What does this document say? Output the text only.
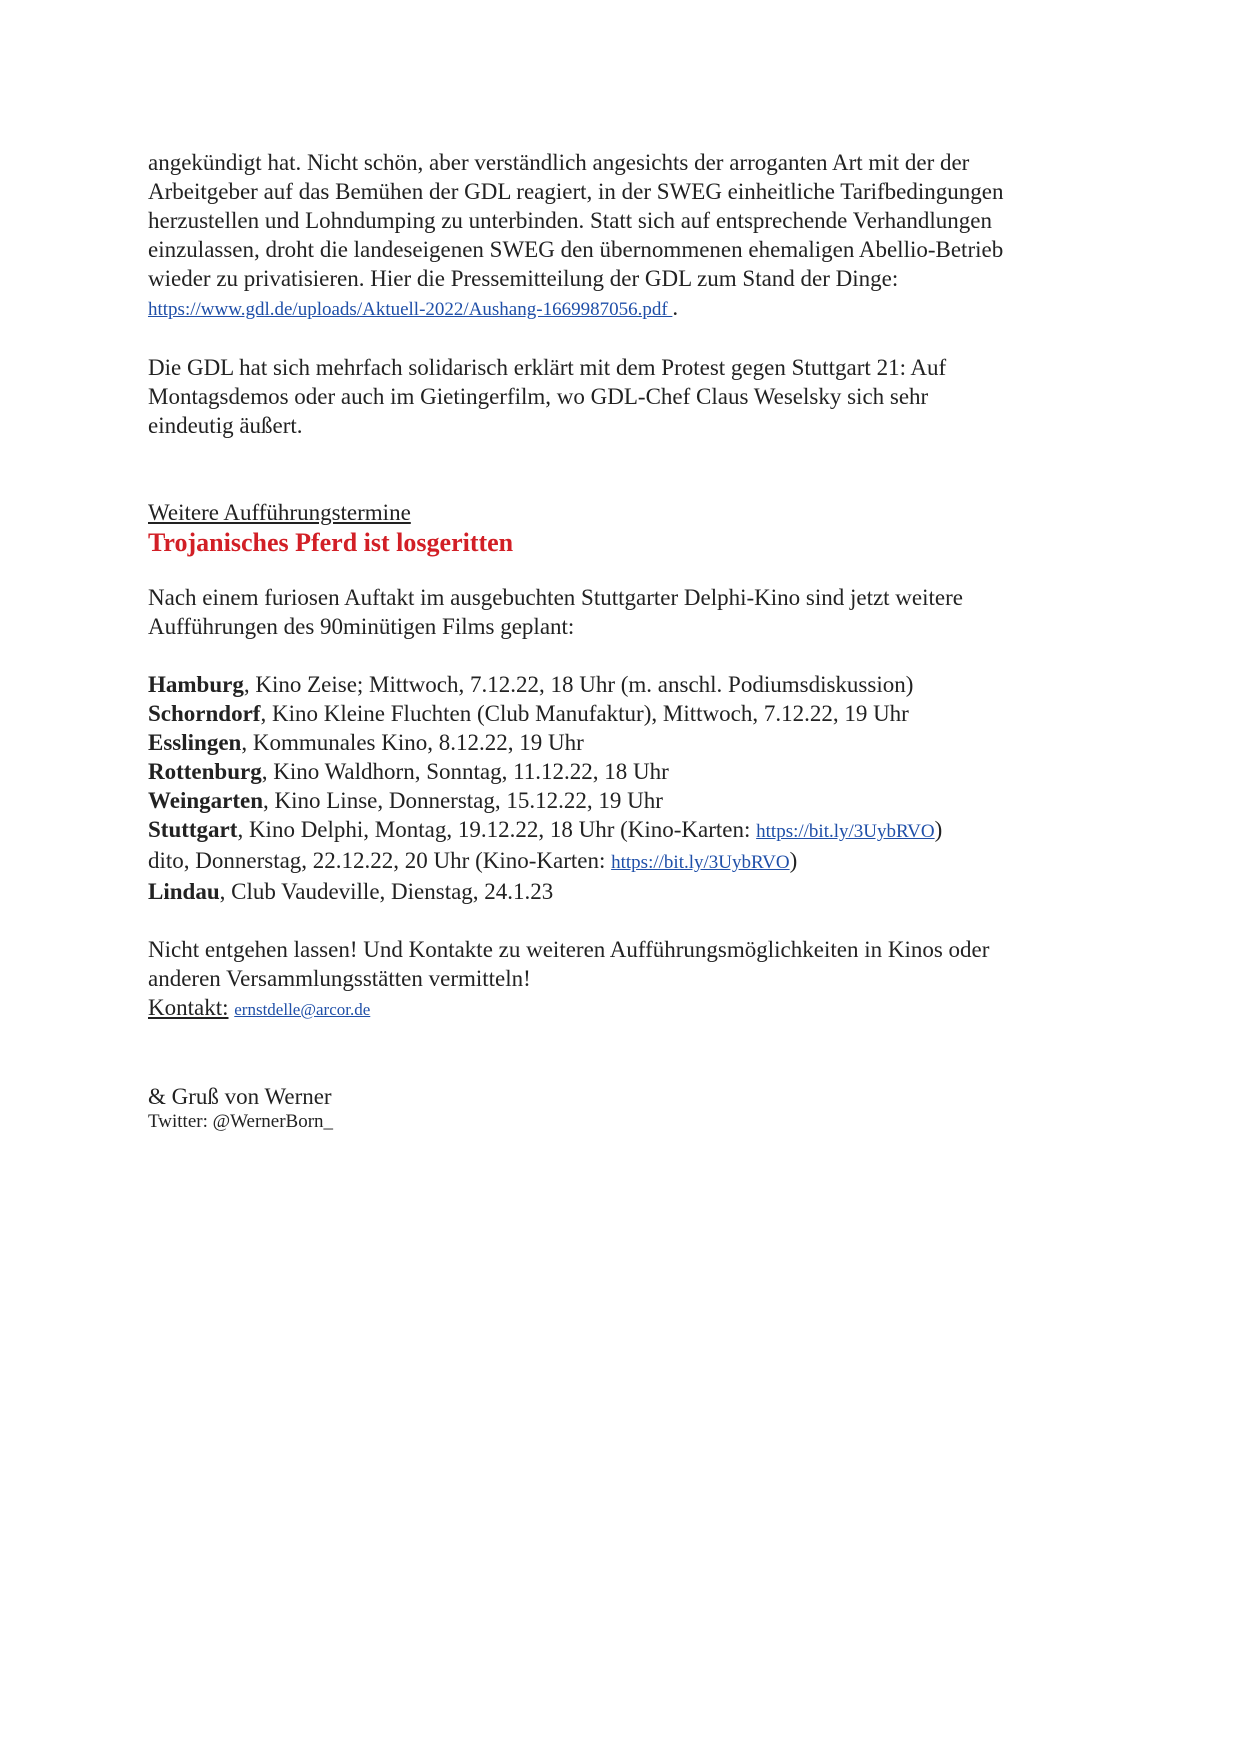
angekündigt hat. Nicht schön, aber verständlich angesichts der arroganten Art mit der der

Arbeitgeber auf das Bemühen der GDL reagiert, in der SWEG einheitliche Tarifbedingungen

herzustellen und Lohndumping zu unterbinden. Statt sich auf entsprechende Verhandlungen

einzulassen, droht die landeseigenen SWEG den übernommenen ehemaligen Abellio-Betrieb

wieder zu privatisieren. Hier die Pressemitteilung der GDL zum Stand der Dinge:

https://www.gdl.de/uploads/Aktuell-2022/Aushang-1669987056.pdf .

Die GDL hat sich mehrfach solidarisch erklärt mit dem Protest gegen Stuttgart 21: Auf

Montagsdemos oder auch im Gietingerfilm, wo GDL-Chef Claus Weselsky sich sehr

eindeutig äußert.

Weitere Aufführungstermine

Trojanisches Pferd ist losgeritten

Nach einem furiosen Auftakt im ausgebuchten Stuttgarter Delphi-Kino sind jetzt weitere

Aufführungen des 90minütigen Films geplant:

Hamburg, Kino Zeise; Mittwoch, 7.12.22, 18 Uhr (m. anschl. Podiumsdiskussion)

Schorndorf, Kino Kleine Fluchten (Club Manufaktur), Mittwoch, 7.12.22, 19 Uhr

Esslingen, Kommunales Kino, 8.12.22, 19 Uhr

Rottenburg, Kino Waldhorn, Sonntag, 11.12.22, 18 Uhr

Weingarten, Kino Linse, Donnerstag, 15.12.22, 19 Uhr

Stuttgart, Kino Delphi, Montag, 19.12.22, 18 Uhr (Kino-Karten: https://bit.ly/3UybRVO)

dito, Donnerstag, 22.12.22, 20 Uhr (Kino-Karten: https://bit.ly/3UybRVO)

Lindau, Club Vaudeville, Dienstag, 24.1.23

Nicht entgehen lassen! Und Kontakte zu weiteren Aufführungsmöglichkeiten in Kinos oder

anderen Versammlungsstätten vermitteln!

Kontakt: ernstdelle@arcor.de

& Gruß von Werner

Twitter: @WernerBorn_
